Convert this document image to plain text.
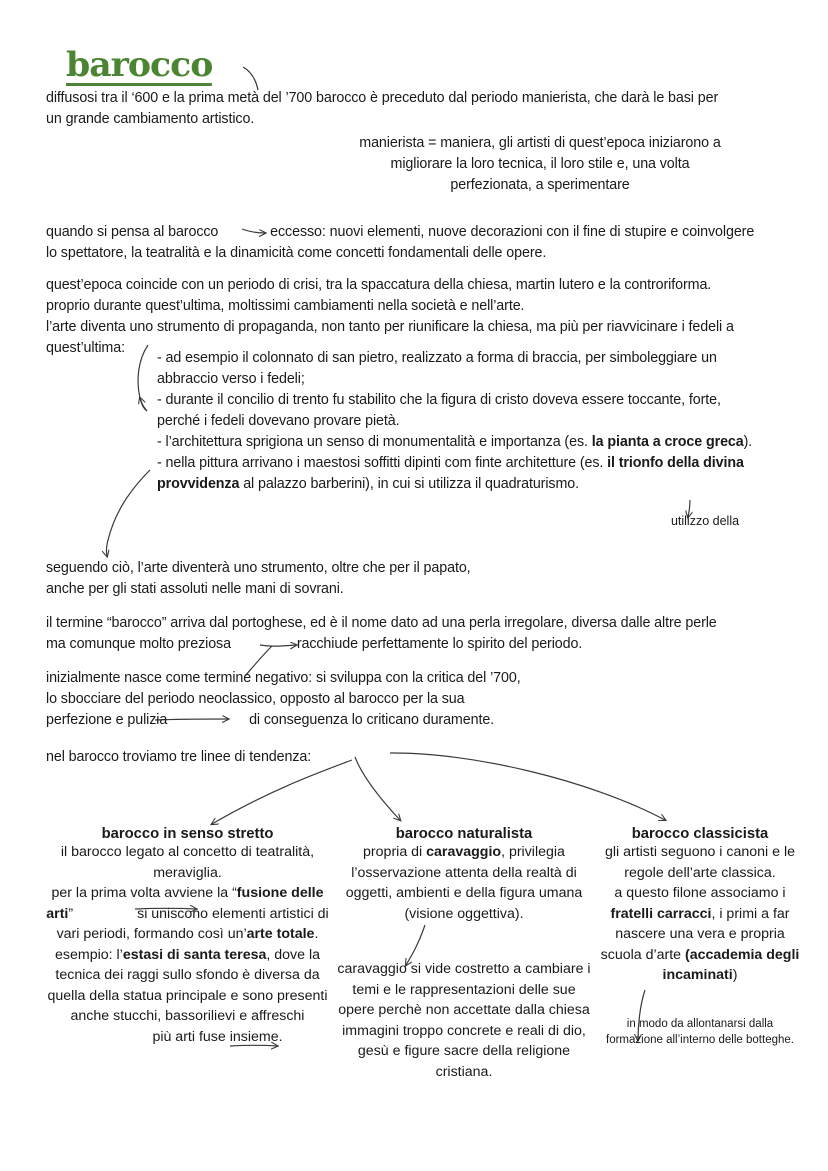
barocco
diffusosi tra il ‘600 e la prima metà del ’700 barocco è preceduto dal periodo manierista, che darà le basi per
un grande cambiamento artistico.
manierista = maniera, gli artisti di quest’epoca iniziarono a
migliorare la loro tecnica, il loro stile e, una volta
perfezionata, a sperimentare
quando si pensa al barocco	eccesso: nuovi elementi, nuove decorazioni con il fine di stupire e coinvolgere
lo spettatore, la teatralità e la dinamicità come concetti fondamentali delle opere.
quest’epoca coincide con un periodo di crisi, tra la spaccatura della chiesa, martin lutero e la controriforma.
proprio durante quest’ultima, moltissimi cambiamenti nella società e nell’arte.
l’arte diventa uno strumento di propaganda, non tanto per riunificare la chiesa, ma più per riavvicinare i fedeli a
quest’ultima:
- ad esempio il colonnato di san pietro, realizzato a forma di braccia, per simboleggiare un abbraccio verso i fedeli;
- durante il concilio di trento fu stabilito che la figura di cristo doveva essere toccante, forte, perché i fedeli dovevano provare pietà.
- l’architettura sprigiona un senso di monumentalità e importanza (es. la pianta a croce greca).
- nella pittura arrivano i maestosi soffitti dipinti com finte architetture (es. il trionfo della divina provvidenza al palazzo barberini), in cui si utilizza il quadraturismo.
utilizzo della
seguendo ciò, l’arte diventerà uno strumento, oltre che per il papato,
anche per gli stati assoluti nelle mani di sovrani.
il termine “barocco” arriva dal portoghese, ed è il nome dato ad una perla irregolare, diversa dalle altre perle
ma comunque molto preziosa	racchiude perfettamente lo spirito del periodo.
inizialmente nasce come termine negativo: si sviluppa con la critica del ’700,
lo sbocciare del periodo neoclassico, opposto al barocco per la sua
perfezione e pulizia	di conseguenza lo criticano duramente.
nel barocco troviamo tre linee di tendenza:
barocco in senso stretto
il barocco legato al concetto di teatralità, meraviglia.
per la prima volta avviene la “fusione delle arti”	si uniscono elementi artistici di vari periodi, formando così un’arte totale.
esempio: l’estasi di santa teresa, dove la tecnica dei raggi sullo sfondo è diversa da quella della statua principale e sono presenti anche stucchi, bassorilievi e affreschipiù arti fuse insieme.
barocco naturalista
propria di caravaggio, privilegia l’osservazione attenta della realtà di oggetti, ambienti e della figura umana (visione oggettiva).
caravaggio si vide costretto a cambiare i temi e le rappresentazioni delle sue opere perchè non accettate dalla chiesa immagini troppo concrete e reali di dio, gesù e figure sacre della religione cristiana.
barocco classicista
gli artisti seguono i canoni e le regole dell’arte classica.
a questo filone associamo i fratelli carracci, i primi a far nascere una vera e propria scuola d’arte (accademia degli incaminati)
in modo da allontanarsi dalla formazione all’interno delle botteghe.
